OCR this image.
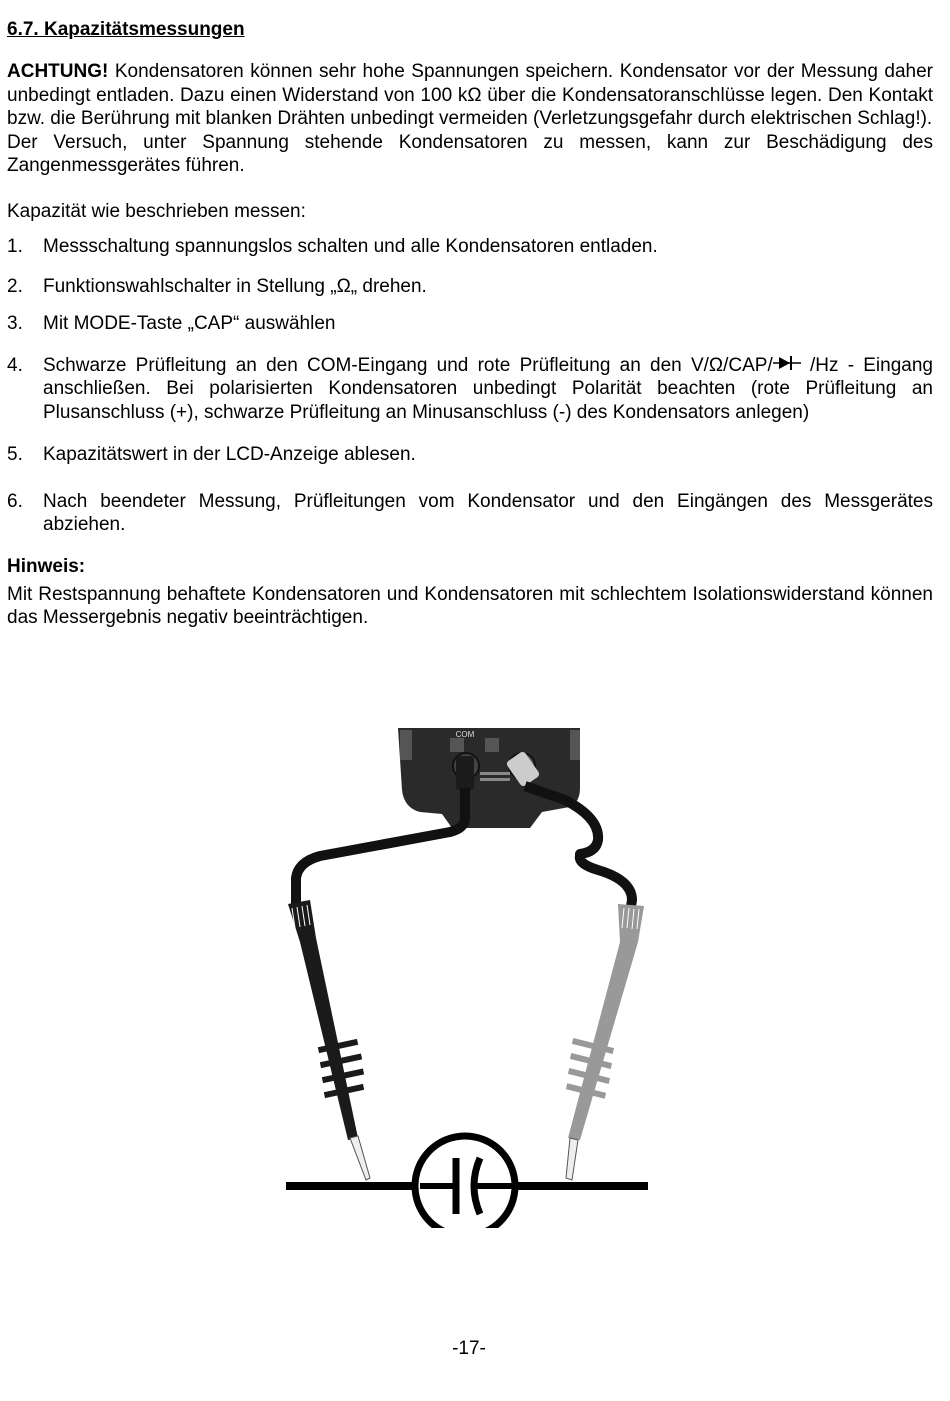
6.7. Kapazitätsmessungen

ACHTUNG! Kondensatoren können sehr hohe Spannungen speichern. Kondensator vor der Messung daher unbedingt entladen. Dazu einen Widerstand von 100 kΩ über die Kondensatoranschlüsse legen. Den Kontakt bzw. die Berührung mit blanken Drähten unbedingt vermeiden (Verletzungsgefahr durch elektrischen Schlag!).

Der Versuch, unter Spannung stehende Kondensatoren zu messen, kann zur Beschädigung des Zangenmessgerätes führen.

Kapazität wie beschrieben messen:

1.	Messschaltung spannungslos schalten und alle Kondensatoren entladen.
2.	Funktionswahlschalter in Stellung „Ω„ drehen.
3.	Mit MODE-Taste „CAP“ auswählen
4.	Schwarze Prüfleitung an den COM-Eingang und rote Prüfleitung an den V/Ω/CAP/ /Hz - Eingang anschließen. Bei polarisierten Kondensatoren unbedingt Polarität beachten (rote Prüfleitung an Plusanschluss (+), schwarze Prüfleitung an Minusanschluss (-) des Kondensators anlegen)
5.	Kapazitätswert in der LCD-Anzeige ablesen.
6.	Nach beendeter Messung, Prüfleitungen vom Kondensator und den Eingängen des Messgerätes abziehen.
Hinweis:

Mit Restspannung behaftete Kondensatoren und Kondensatoren mit schlechtem Isolationswiderstand können das Messergebnis negativ beeinträchtigen.

COM
-17-
